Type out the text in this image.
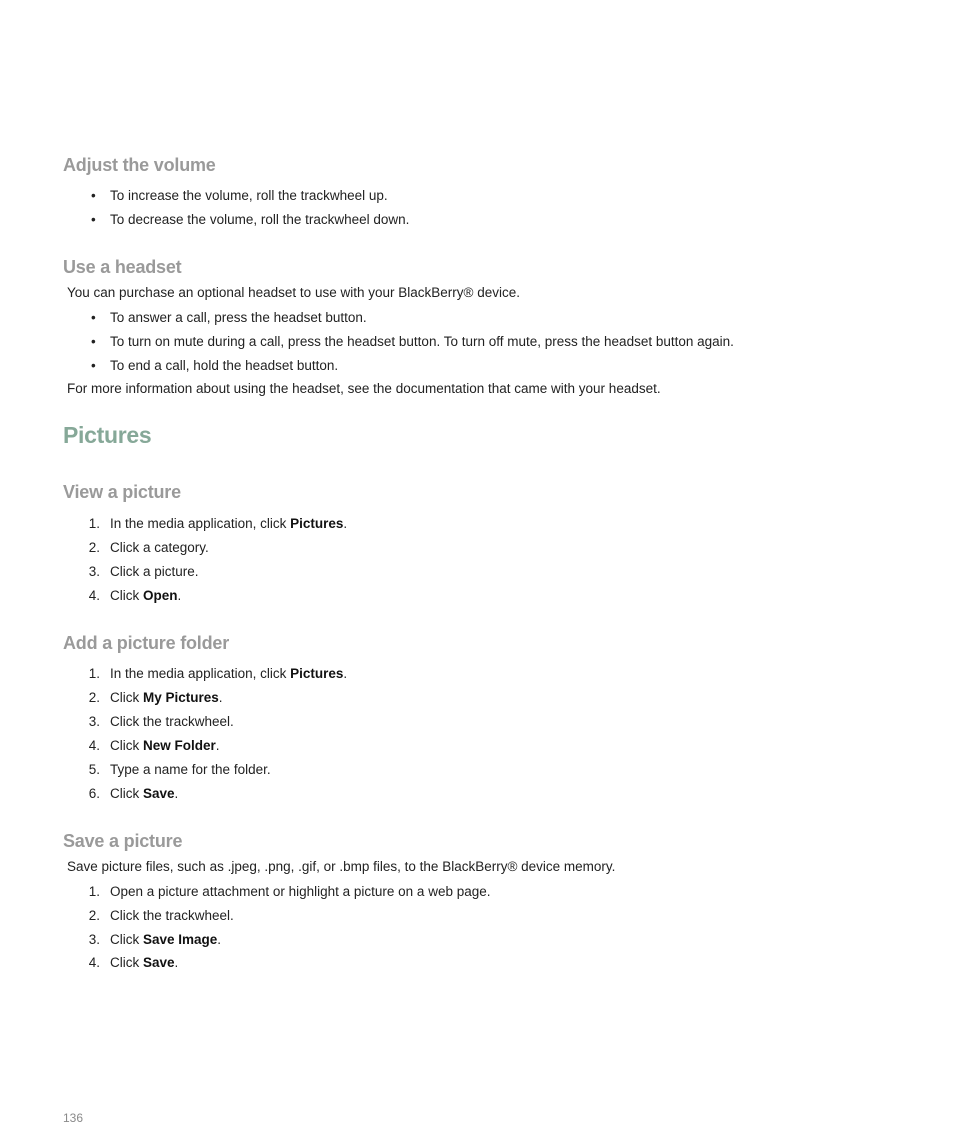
Adjust the volume
•	To increase the volume, roll the trackwheel up.
•	To decrease the volume, roll the trackwheel down.
Use a headset

You can purchase an optional headset to use with your BlackBerry® device.

•	To answer a call, press the headset button.
•	To turn on mute during a call, press the headset button. To turn off mute, press the headset button again.
•	To end a call, hold the headset button.

For more information about using the headset, see the documentation that came with your headset.

Pictures
View a picture
1. In the media application, click Pictures.
2. Click a category.
3. Click a picture.
4. Click Open.
Add a picture folder
1. In the media application, click Pictures.
2. Click My Pictures.
3. Click the trackwheel.
4. Click New Folder.
5. Type a name for the folder.
6. Click Save.
Save a picture

Save picture files, such as .jpeg, .png, .gif, or .bmp files, to the BlackBerry® device memory.

1. Open a picture attachment or highlight a picture on a web page.
2. Click the trackwheel.
3. Click Save Image.
4. Click Save.
136
